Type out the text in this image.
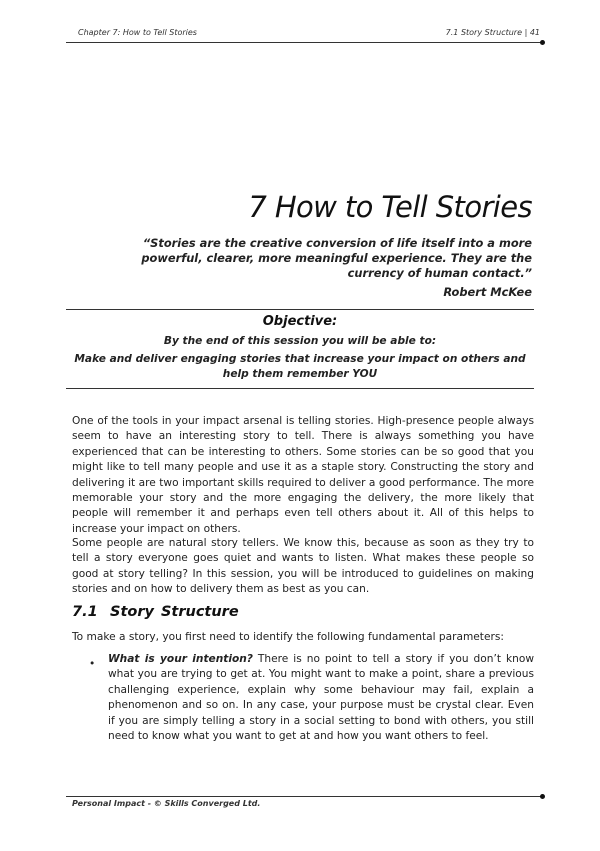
Chapter 7: How to Tell Stories	7.1 Story Structure | 41
7 How to Tell Stories
“Stories are the creative conversion of life itself into a more powerful, clearer, more meaningful experience. They are the currency of human contact.”
Robert McKee
Objective:
By the end of this session you will be able to:
Make and deliver engaging stories that increase your impact on others and
help them remember YOU

One of the tools in your impact arsenal is telling stories. High-presence people always seem to have an interesting story to tell. There is always something you have experienced that can be interesting to others. Some stories can be so good that you might like to tell many people and use it as a staple story. Constructing the story and delivering it are two important skills required to deliver a good performance. The more memorable your story and the more engaging the delivery, the more likely that people will remember it and perhaps even tell others about it. All of this helps to increase your impact on others.

Some people are natural story tellers. We know this, because as soon as they try to tell a story everyone goes quiet and wants to listen. What makes these people so good at story telling? In this session, you will be introduced to guidelines on making stories and on how to delivery them as best as you can.

7.1 Story Structure

To make a story, you first need to identify the following fundamental parameters:

• What is your intention? There is no point to tell a story if you don’t know what you are trying to get at. You might want to make a point, share a previous challenging experience, explain why some behaviour may fail, explain a phenomenon and so on. In any case, your purpose must be crystal clear. Even if you are simply telling a story in a social setting to bond with others, you still need to know what you want to get at and how you want others to feel.

Personal Impact - © Skills Converged Ltd.
